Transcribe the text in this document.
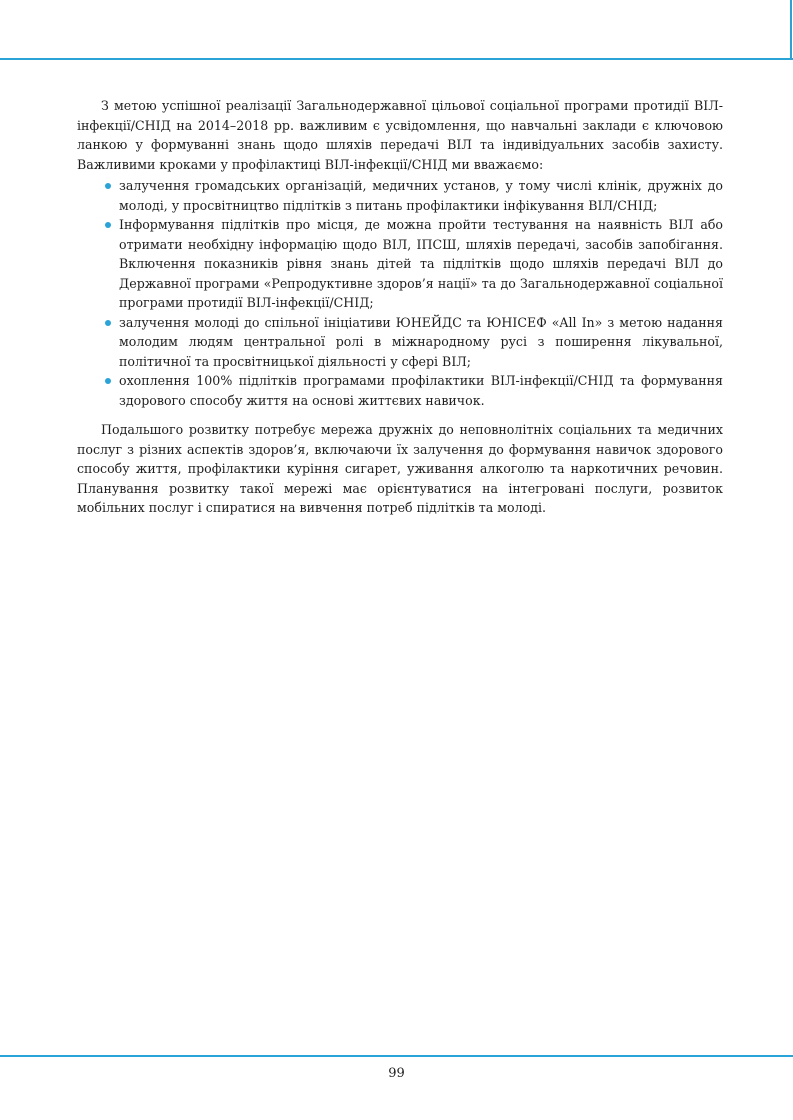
З метою успішної реалізації Загальнодержавної цільової соціальної програми протидії ВІЛ-інфекції/СНІД на 2014–2018 рр. важливим є усвідомлення, що навчальні заклади є ключовою ланкою у формуванні знань щодо шляхів передачі ВІЛ та індивідуальних засобів захисту. Важливими кроками у профілактиці ВІЛ-інфекції/СНІД ми вважаємо:

залучення громадських організацій, медичних установ, у тому числі клінік, дружніх до молоді, у просвітництво підлітків з питань профілактики інфікування ВІЛ/СНІД;
Інформування підлітків про місця, де можна пройти тестування на наявність ВІЛ або отримати необхідну інформацію щодо ВІЛ, ІПСШ, шляхів передачі, засобів запобігання. Включення показників рівня знань дітей та підлітків щодо шляхів передачі ВІЛ до Державної програми «Репродуктивне здоров’я нації» та до Загальнодержавної соціальної програми протидії ВІЛ-інфекції/СНІД;
залучення молоді до спільної ініціативи ЮНЕЙДС та ЮНІСЕФ «All In» з метою надання молодим людям центральної ролі в міжнародному русі з поширення лікувальної, політичної та просвітницької діяльності у сфері ВІЛ;
охоплення 100% підлітків програмами профілактики ВІЛ-інфекції/СНІД та формування здорового способу життя на основі життєвих навичок.

Подальшого розвитку потребує мережа дружніх до неповнолітніх соціальних та медичних послуг з різних аспектів здоров’я, включаючи їх залучення до формування навичок здорового способу життя, профілактики куріння сигарет, уживання алкоголю та наркотичних речовин. Планування розвитку такої мережі має орієнтуватися на інтегровані послуги, розвиток мобільних послуг і спиратися на вивчення потреб підлітків та молоді.

99
